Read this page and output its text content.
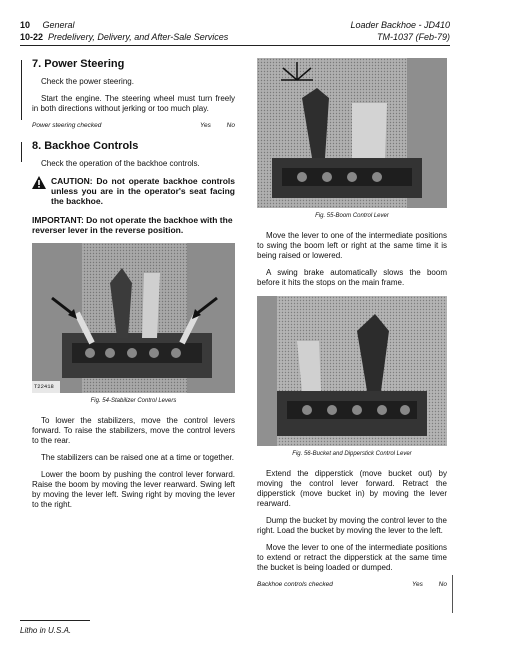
10 General
10-22 Predelivery, Delivery, and After-Sale Services
Loader Backhoe - JD410
TM-1037 (Feb-79)
7. Power Steering

Check the power steering.

Start the engine. The steering wheel must turn freely in both directions without jerking or too much play.

Power steering checked	Yes No
8. Backhoe Controls

Check the operation of the backhoe controls.

CAUTION: Do not operate backhoe controls unless you are in the operator's seat facing the backhoe.
IMPORTANT: Do not operate the backhoe with the reverser lever in the reverse position.
T22418
Fig. 54-Stabilizer Control Levers

To lower the stabilizers, move the control levers forward. To raise the stabilizers, move the control levers to the rear.

The stabilizers can be raised one at a time or together.

Lower the boom by pushing the control lever forward. Raise the boom by moving the lever rearward. Swing left by moving the lever left. Swing right by moving the lever to the right.

Fig. 55-Boom Control Lever

Move the lever to one of the intermediate positions to swing the boom left or right at the same time it is being raised or lowered.

A swing brake automatically slows the boom before it hits the stops on the main frame.

Fig. 56-Bucket and Dipperstick Control Lever

Extend the dipperstick (move bucket out) by moving the control lever forward. Retract the dipperstick (move bucket in) by moving the lever rearward.

Dump the bucket by moving the control lever to the right. Load the bucket by moving the lever to the left.

Move the lever to one of the intermediate positions to extend or retract the dipperstick at the same time the bucket is being loaded or dumped.

Backhoe controls checked	Yes No
Litho in U.S.A.
